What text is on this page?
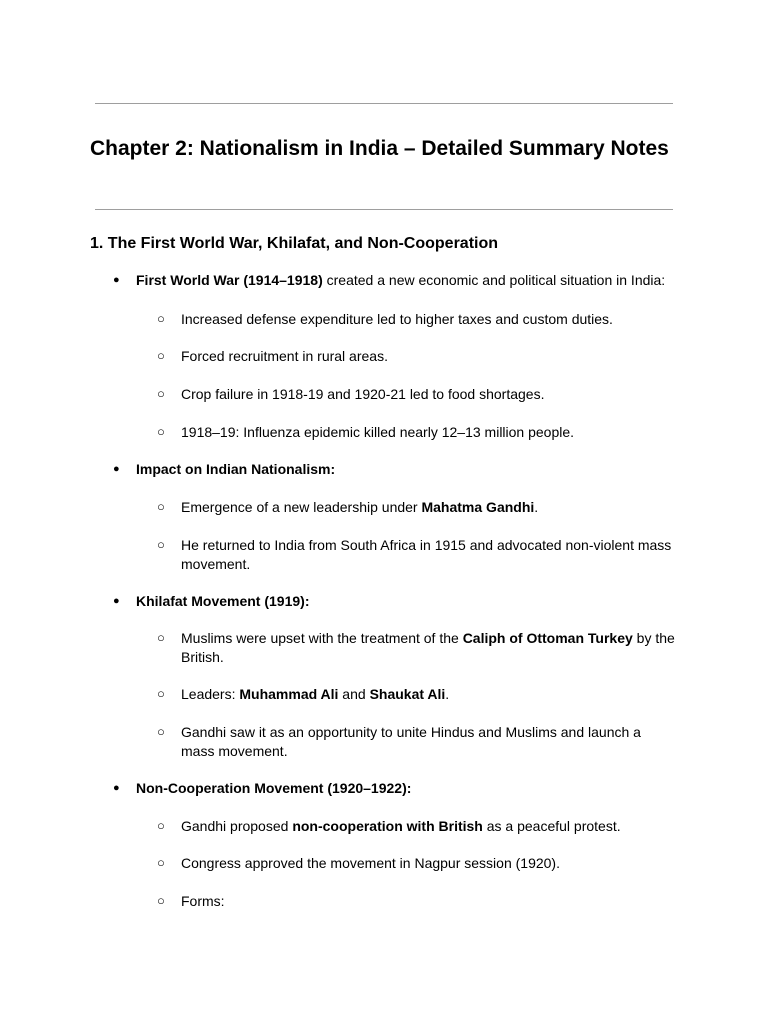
Chapter 2: Nationalism in India – Detailed Summary Notes
1. The First World War, Khilafat, and Non-Cooperation
● First World War (1914–1918) created a new economic and political situation in India:
○ Increased defense expenditure led to higher taxes and custom duties.
○ Forced recruitment in rural areas.
○ Crop failure in 1918-19 and 1920-21 led to food shortages.
○ 1918–19: Influenza epidemic killed nearly 12–13 million people.
● Impact on Indian Nationalism:
○ Emergence of a new leadership under Mahatma Gandhi.
○ He returned to India from South Africa in 1915 and advocated non-violent mass movement.
● Khilafat Movement (1919):
○ Muslims were upset with the treatment of the Caliph of Ottoman Turkey by the British.
○ Leaders: Muhammad Ali and Shaukat Ali.
○ Gandhi saw it as an opportunity to unite Hindus and Muslims and launch a mass movement.
● Non-Cooperation Movement (1920–1922):
○ Gandhi proposed non-cooperation with British as a peaceful protest.
○ Congress approved the movement in Nagpur session (1920).
○ Forms:
